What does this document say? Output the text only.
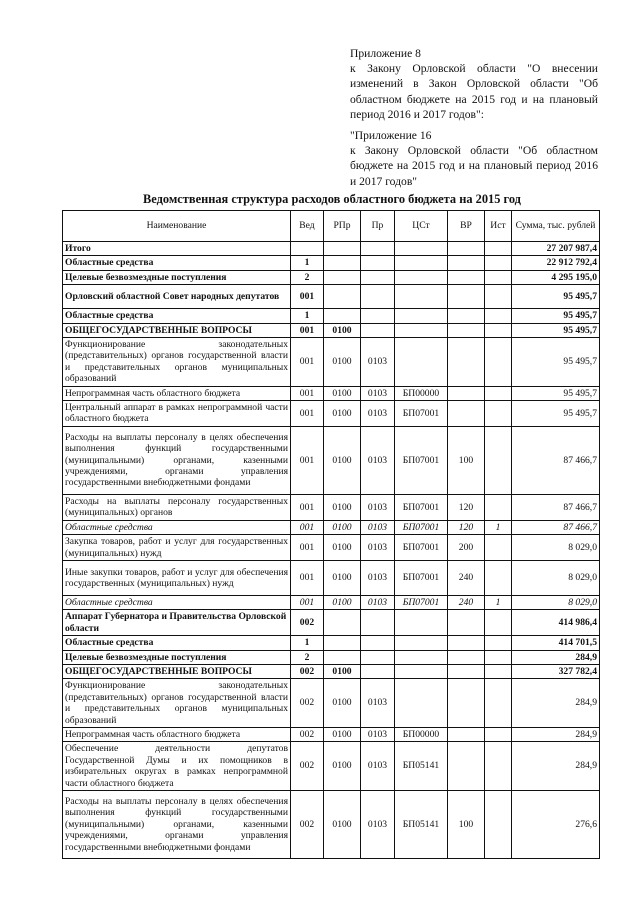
Приложение 8

к Закону Орловской области "О внесении изменений в Закон Орловской области "Об областном бюджете на 2015 год и на плановый период 2016 и 2017 годов":

"Приложение 16

к Закону Орловской области "Об областном бюджете на 2015 год и на плановый период 2016 и 2017 годов"

Ведомственная структура расходов областного бюджета на 2015 год
Наименование	Вед	РПр	Пр	ЦСт	ВР	Ист	Сумма, тыс. рублей
Итого							27 207 987,4
Областные средства	1						22 912 792,4
Целевые безвозмездные поступления	2						4 295 195,0
Орловский областной Совет народных депутатов	001						95 495,7
Областные средства	1						95 495,7
ОБЩЕГОСУДАРСТВЕННЫЕ ВОПРОСЫ	001	0100					95 495,7
Функционирование законодательных (представительных) органов государственной власти и представительных органов муниципальных образований	001	0100	0103				95 495,7
Непрограммная часть областного бюджета	001	0100	0103	БП00000			95 495,7
Центральный аппарат в рамках непрограммной части областного бюджета	001	0100	0103	БП07001			95 495,7
Расходы на выплаты персоналу в целях обеспечения выполнения функций государственными (муниципальными) органами, казенными учреждениями, органами управления государственными внебюджетными фондами	001	0100	0103	БП07001	100		87 466,7
Расходы на выплаты персоналу государственных (муниципальных) органов	001	0100	0103	БП07001	120		87 466,7
Областные средства	001	0100	0103	БП07001	120	1	87 466,7
Закупка товаров, работ и услуг для государственных (муниципальных) нужд	001	0100	0103	БП07001	200		8 029,0
Иные закупки товаров, работ и услуг для обеспечения государственных (муниципальных) нужд	001	0100	0103	БП07001	240		8 029,0
Областные средства	001	0100	0103	БП07001	240	1	8 029,0
Аппарат Губернатора и Правительства Орловской области	002						414 986,4
Областные средства	1						414 701,5
Целевые безвозмездные поступления	2						284,9
ОБЩЕГОСУДАРСТВЕННЫЕ ВОПРОСЫ	002	0100					327 782,4
Функционирование законодательных (представительных) органов государственной власти и представительных органов муниципальных образований	002	0100	0103				284,9
Непрограммная часть областного бюджета	002	0100	0103	БП00000			284,9
Обеспечение деятельности депутатов Государственной Думы и их помощников в избирательных округах в рамках непрограммной части областного бюджета	002	0100	0103	БП05141			284,9
Расходы на выплаты персоналу в целях обеспечения выполнения функций государственными (муниципальными) органами, казенными учреждениями, органами управления государственными внебюджетными фондами	002	0100	0103	БП05141	100		276,6
